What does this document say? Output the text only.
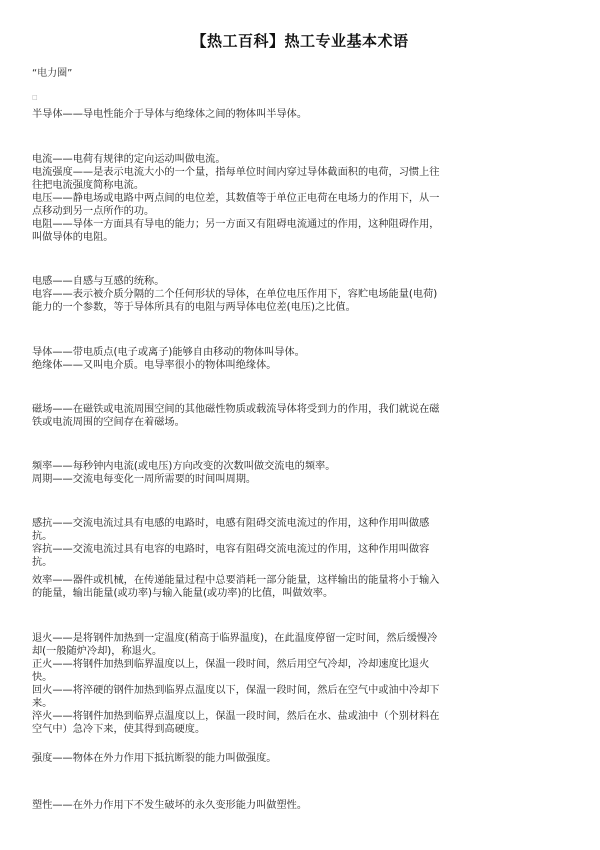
【热工百科】热工专业基本术语
“电力圈”
□
半导体——导电性能介于导体与绝缘体之间的物体叫半导体。
电流——电荷有规律的定向运动叫做电流。
电流强度——是表示电流大小的一个量，指每单位时间内穿过导体截面积的电荷，习惯上往往把电流强度简称电流。
电压——静电场或电路中两点间的电位差，其数值等于单位正电荷在电场力的作用下，从一点移动到另一点所作的功。
电阻——导体一方面具有导电的能力；另一方面又有阻碍电流通过的作用，这种阻碍作用，叫做导体的电阻。
电感——自感与互感的统称。
电容——表示被介质分隔的二个任何形状的导体，在单位电压作用下，容贮电场能量(电荷)能力的一个参数，等于导体所具有的电阻与两导体电位差(电压)之比值。
导体——带电质点(电子或离子)能够自由移动的物体叫导体。
绝缘体——又叫电介质。电导率很小的物体叫绝缘体。
磁场——在磁铁或电流周围空间的其他磁性物质或载流导体将受到力的作用，我们就说在磁铁或电流周围的空间存在着磁场。
频率——每秒钟内电流(或电压)方向改变的次数叫做交流电的频率。
周期——交流电每变化一周所需要的时间叫周期。
感抗——交流电流过具有电感的电路时，电感有阻碍交流电流过的作用，这种作用叫做感抗。
容抗——交流电流过具有电容的电路时，电容有阻碍交流电流过的作用，这种作用叫做容抗。
效率——器件或机械，在传递能量过程中总要消耗一部分能量，这样输出的能量将小于输入的能量，输出能量(或功率)与输入能量(或功率)的比值，叫做效率。
退火——是将钢件加热到一定温度(稍高于临界温度)，在此温度停留一定时间，然后缓慢冷却(一般随炉冷却)，称退火。
正火——将钢件加热到临界温度以上，保温一段时间，然后用空气冷却，冷却速度比退火快。
回火——将淬硬的钢件加热到临界点温度以下，保温一段时间，然后在空气中或油中冷却下来。
淬火——将钢件加热到临界点温度以上，保温一段时间，然后在水、盐或油中（个别材料在空气中）急冷下来，使其得到高硬度。
强度——物体在外力作用下抵抗断裂的能力叫做强度。
塑性——在外力作用下不发生破坏的永久变形能力叫做塑性。
